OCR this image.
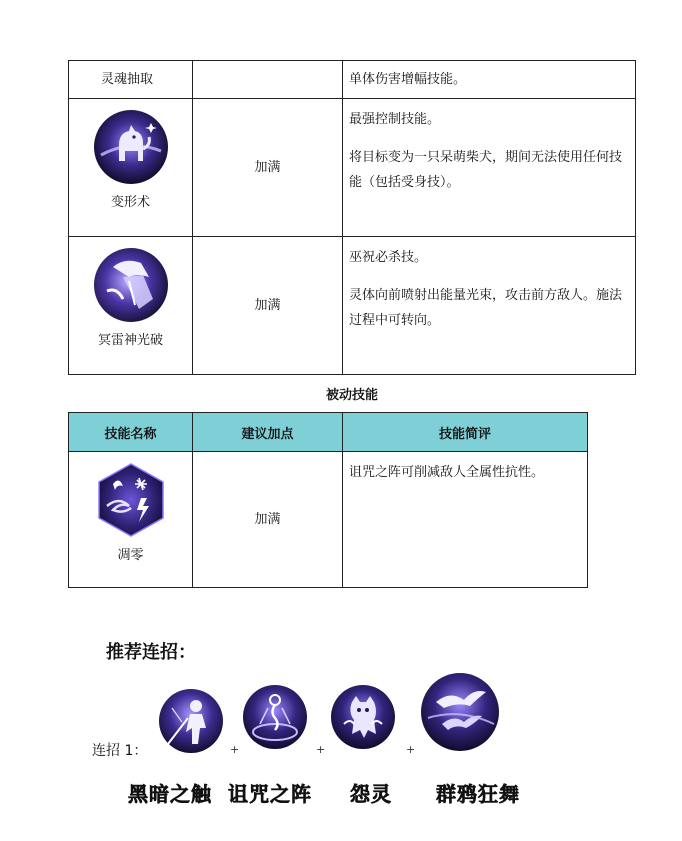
灵魂抽取		单体伤害增幅技能。

变形术	加满	最强控制技能。

将目标变为一只呆萌柴犬，期间无法使用任何技能（包括受身技）。

冥雷神光破	加满	巫祝必杀技。

灵体向前喷射出能量光束，攻击前方敌人。施法过程中可转向。

被动技能
技能名称	建议加点	技能简评

凋零	加满	诅咒之阵可削减敌人全属性抗性。

推荐连招：
连招 1：	+	+	+
黑暗之触 诅咒之阵 怨灵 群鸦狂舞
